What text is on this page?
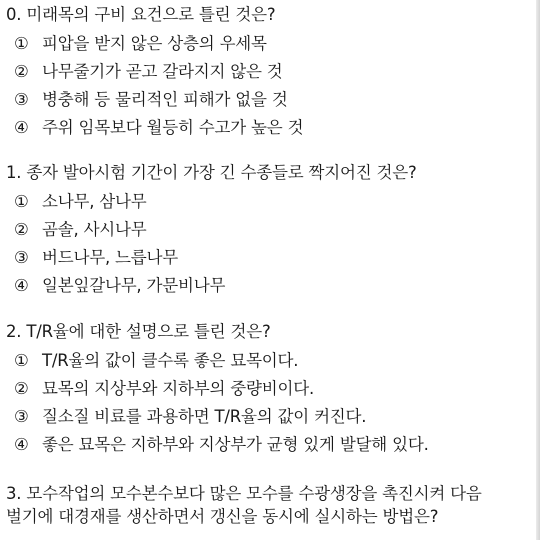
0. 미래목의 구비 요건으로 틀린 것은?
① 피압을 받지 않은 상층의 우세목
② 나무줄기가 곧고 갈라지지 않은 것
③ 병충해 등 물리적인 피해가 없을 것
④ 주위 임목보다 월등히 수고가 높은 것
1. 종자 발아시험 기간이 가장 긴 수종들로 짝지어진 것은?
① 소나무, 삼나무
② 곰솔, 사시나무
③ 버드나무, 느릅나무
④ 일본잎갈나무, 가문비나무
2. T/R율에 대한 설명으로 틀린 것은?
① T/R율의 값이 클수록 좋은 묘목이다.
② 묘목의 지상부와 지하부의 중량비이다.
③ 질소질 비료를 과용하면 T/R율의 값이 커진다.
④ 좋은 묘목은 지하부와 지상부가 균형 있게 발달해 있다.
3. 모수작업의 모수본수보다 많은 모수를 수광생장을 촉진시켜 다음 벌기에 대경재를 생산하면서 갱신을 동시에 실시하는 방법은?
